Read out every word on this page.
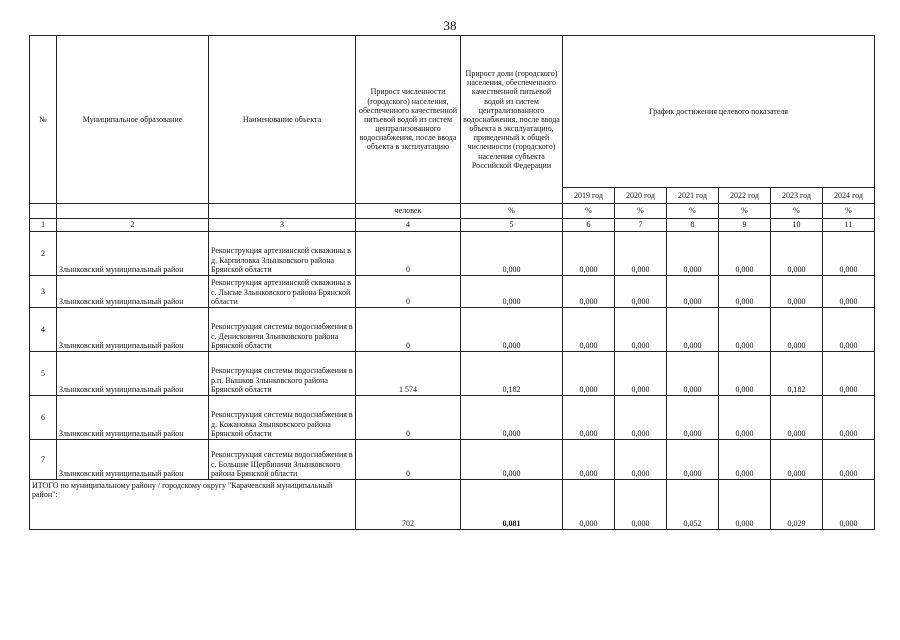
38
№	Муниципальное образование	Наименование объекта	Прирост численности (городского) населения, обеспеченного качественной питьевой водой из систем централизованного водоснабжения, после ввода объекта в эксплуатацию	Прирост доли (городского) населения, обеспеченного качественной питьевой водой из систем централизованного водоснабжения, после ввода объекта в эксплуатацию, приведенный к общей численности (городского) населения субъекта Российской Федерации	График достижения целевого показателя					
					2019 год	2020 год	2021 год	2022 год	2023 год	2024 год
			человек	%	%	%	%	%	%	%
1	2	3	4	5	6	7	8	9	10	11
2	Злынковский муниципальный район	Реконструкция артезианской скважины в д. Карпиловка Злынковского района Брянской области	0	0,000	0,000	0,000	0,000	0,000	0,000	0,000
3	Злынковский муниципальный район	Реконструкция артезианской скважины в с. Лысые Злынковского района Брянской области	0	0,000	0,000	0,000	0,000	0,000	0,000	0,000
4	Злынковский муниципальный район	Реконструкция системы водоснабжения в с. Денисковичи Злынковского района Брянской области	0	0,000	0,000	0,000	0,000	0,000	0,000	0,000
5	Злынковский муниципальный район	Реконструкция системы водоснабжения в р.п. Вышков Злынковского района Брянской области	1 574	0,182	0,000	0,000	0,000	0,000	0,182	0,000
6	Злынковский муниципальный район	Реконструкция системы водоснабжения в д. Кожановка Злынковского района Брянской области	0	0,000	0,000	0,000	0,000	0,000	0,000	0,000
7	Злынковский муниципальный район	Реконструкция системы водоснабжения в с. Большие Щербиничи Злынковского района Брянской области	0	0,000	0,000	0,000	0,000	0,000	0,000	0,000
ИТОГО по муниципальному району / городскому округу "Карачевский муниципальный район":			702	0,081	0,000	0,000	0,052	0,000	0,029	0,000
